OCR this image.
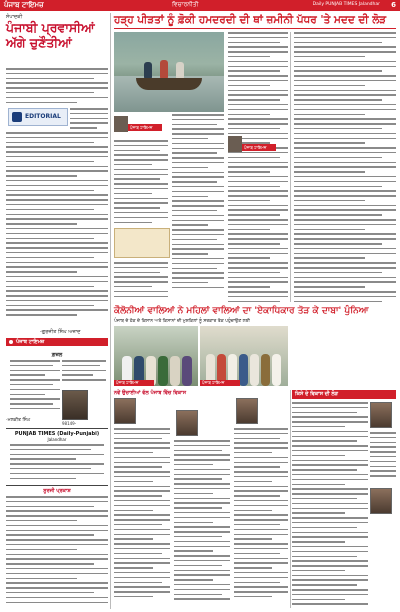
ਪੰਜਾਬ ਟਾਇਮਜ਼	ਵਿਚਾਰਨੀਤੀ	Daily PUNJAB TIMES Jalandhar 6
ਸੰਪਾਦਕੀ
ਪੰਜਾਬੀ ਪ੍ਰਵਾਸੀਆਂ ਅੱਗੇ ਚੁਣੌਤੀਆਂ
EDITORIAL
-ਗੁਰਜੀਤ ਸਿੰਘ ਅਜ਼ਾਦ
ਪੰਜਾਬ ਟਾਇਮਜ਼
ਗ਼ਜ਼ਲ
-ਮਲਕੀਤ ਸਿੰਘ
98149-
PUNJAB TIMES (Daily-Punjabi)
Jalandhar
ਸੂਰਜੀ ਪ੍ਰਕਾਸ਼
ਹੜ੍ਹ ਪੀੜਤਾਂ ਨੂੰ ਫ਼ੋਕੀ ਹਮਦਰਦੀ ਦੀ ਥਾਂ ਜ਼ਮੀਨੀ ਪੱਧਰ 'ਤੇ ਮਦਦ ਦੀ ਲੋੜ
ਪੰਜਾਬ ਟਾਇਮਜ਼
ਪੰਜਾਬ ਟਾਇਮਜ਼
ਕੌਲੋਨੀਆਂ ਵਾਲਿਆਂ ਨੇ ਮਹਿਲਾਂ ਵਾਲਿਆਂ ਦਾ 'ਏਕਾਧਿਕਾਰ ਤੋੜ ਕੇ ਦਾਬਾ' ਪੁੰਨਿਆ
ਪੰਜਾਬ ਦੇ ਹੱਕ ਦੇ ਕਿਸਾਨ ਅਤੇ ਕਿਸਾਨਾਂ ਦੀ ਮੁਸ਼ਕਿਲਾਂ ਨੂੰ ਸਰਕਾਰ ਤੱਕ ਪਹੁੰਚਾਉਣ ਲਈ
ਪੰਜਾਬ ਟਾਇਮਜ਼	ਪੰਜਾਬ ਟਾਇਮਜ਼
ਕਿਸੇ ਦੇ ਵਿਕਾਸ ਦੀ ਲੋੜ
ਨਵੇਂ ਉਚਾਈਆਂ ਵੱਲ ਪੰਜਾਬ ਵਿੱਚ ਵਿਕਾਸ
